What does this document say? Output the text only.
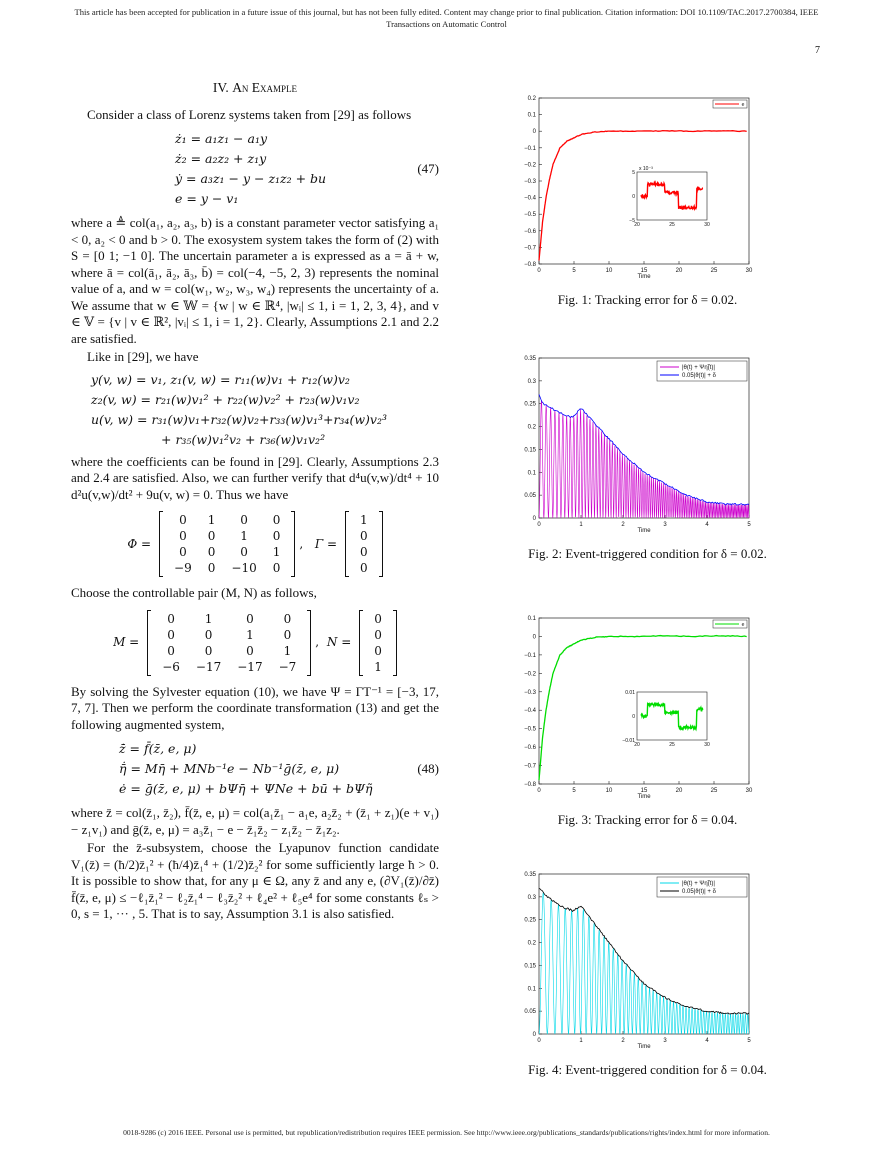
This article has been accepted for publication in a future issue of this journal, but has not been fully edited. Content may change prior to final publication. Citation information: DOI 10.1109/TAC.2017.2700384, IEEE
Transactions on Automatic Control
7
IV. An Example

Consider a class of Lorenz systems taken from [29] as follows

ż₁ = a₁z₁ − a₁y
ż₂ = a₂z₂ + z₁y
ẏ = a₃z₁ − y − z₁z₂ + bu
e = y − v₁
(47)

where a ≜ col(a₁, a₂, a₃, b) is a constant parameter vector satisfying a₁ < 0, a₂ < 0 and b > 0. The exosystem system takes the form of (2) with S = [0 1; −1 0]. The uncertain parameter a is expressed as a = ā + w, where ā = col(ā₁, ā₂, ā₃, b̄) = col(−4, −5, 2, 3) represents the nominal value of a, and w = col(w₁, w₂, w₃, w₄) represents the uncertainty of a. We assume that w ∈ 𝕎 = {w | w ∈ ℝ⁴, |wᵢ| ≤ 1, i = 1, 2, 3, 4}, and v ∈ 𝕍 = {v | v ∈ ℝ², |vᵢ| ≤ 1, i = 1, 2}. Clearly, Assumptions 2.1 and 2.2 are satisfied.

Like in [29], we have

y(v, w) = v₁, z₁(v, w) = r₁₁(w)v₁ + r₁₂(w)v₂
z₂(v, w) = r₂₁(w)v₁² + r₂₂(w)v₂² + r₂₃(w)v₁v₂
u(v, w) = r₃₁(w)v₁+r₃₂(w)v₂+r₃₃(w)v₁³+r₃₄(w)v₂³
+ r₃₅(w)v₁²v₂ + r₃₆(w)v₁v₂²

where the coefficients can be found in [29]. Clearly, Assumptions 2.3 and 2.4 are satisfied. Also, we can further verify that d⁴u(v,w)/dt⁴ + 10 d²u(v,w)/dt² + 9u(v, w) = 0. Thus we have

Φ =
0	1	0	0
0	0	1	0
0	0	0	1
−9	0	−10	0
, Γ =
1
0
0
0

Choose the controllable pair (M, N) as follows,

M =
0	1	0	0
0	0	1	0
0	0	0	1
−6	−17	−17	−7
, N =
0
0
0
1

By solving the Sylvester equation (10), we have Ψ = ΓT⁻¹ = [−3, 17, 7, 7]. Then we perform the coordinate transformation (13) and get the following augmented system,

z̄̇ = f̄(z̄, e, μ)
η̄̇ = Mη̄ + MNb⁻¹e − Nb⁻¹ḡ(z̄, e, μ)
ė = ḡ(z̄, e, μ) + bΨη̄ + ΨNe + bū + bΨη̃
(48)

where z̄ = col(z̄₁, z̄₂), f̄(z̄, e, μ) = col(a₁z̄₁ − a₁e, a₂z̄₂ + (z̄₁ + z₁)(e + v₁) − z₁v₁) and ḡ(z̄, e, μ) = a₃z̄₁ − e − z̄₁z̄₂ − z₁z̄₂ − z̄₁z₂.

For the z̄-subsystem, choose the Lyapunov function candidate V₁(z̄) = (ħ/2)z̄₁² + (ħ/4)z̄₁⁴ + (1/2)z̄₂² for some sufficiently large ħ > 0. It is possible to show that, for any μ ∈ Ω, any z̄ and any e, (∂V₁(z̄)/∂z̄) f̄(z̄, e, μ) ≤ −ℓ₁z̄₁² − ℓ₂z̄₁⁴ − ℓ₃z̄₂² + ℓ₄e² + ℓ₅e⁴ for some constants ℓₛ > 0, s = 1, ··· , 5. That is to say, Assumption 3.1 is also satisfied.

0	5	10	15	20	25	30
0.2
0.1
0
−0.1
−0.2
−0.3
−0.4
−0.5
−0.6
−0.7
−0.8
Time
e
20	25	30
5
0
−5
x 10⁻³
Fig. 1: Tracking error for δ = 0.02.
0	1	2	3	4	5
0.35
0.3
0.25
0.2
0.15
0.1
0.05
0
Time
|θ(t) + Ψη̃(t)|
0.05|ϑ(t)| + δ
Fig. 2: Event-triggered condition for δ = 0.02.
0	5	10	15	20	25	30
0.1
0
−0.1
−0.2
−0.3
−0.4
−0.5
−0.6
−0.7
−0.8
Time
e
20	25	30
0.01
0
−0.01
Fig. 3: Tracking error for δ = 0.04.
0	1	2	3	4	5
0.35
0.3
0.25
0.2
0.15
0.1
0.05
0
Time
|θ(t) + Ψη̃(t)|
0.05|ϑ(t)| + δ
Fig. 4: Event-triggered condition for δ = 0.04.
0018-9286 (c) 2016 IEEE. Personal use is permitted, but republication/redistribution requires IEEE permission. See http://www.ieee.org/publications_standards/publications/rights/index.html for more information.
